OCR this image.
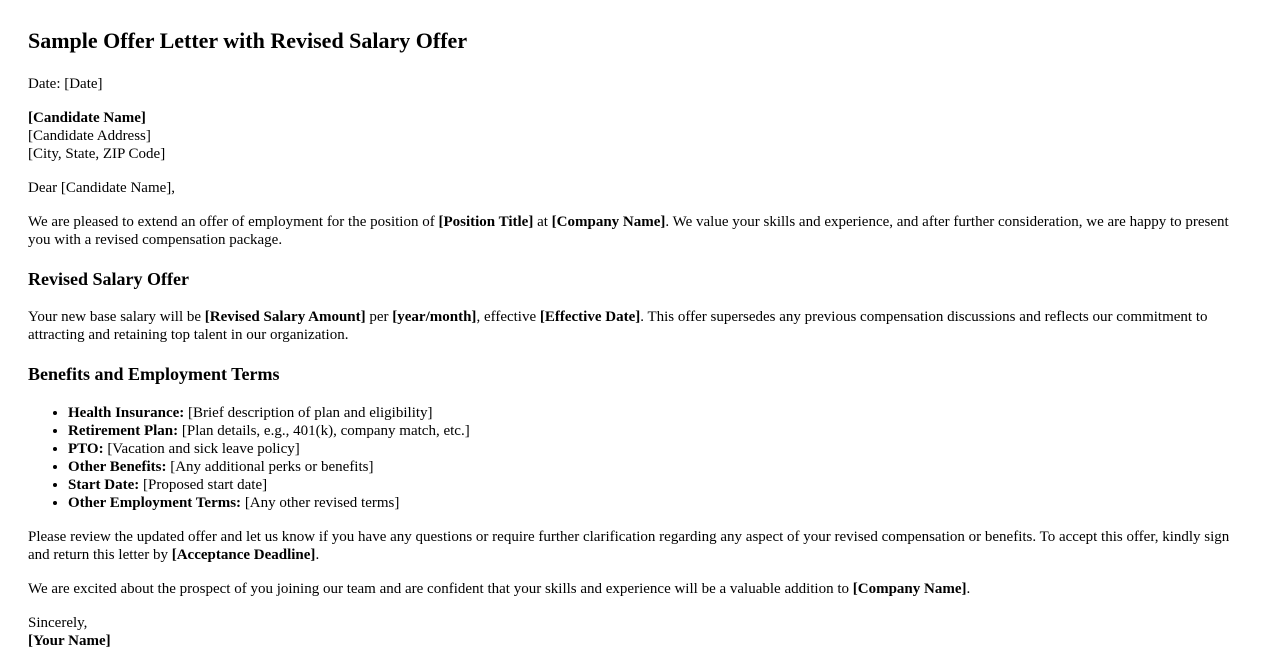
Sample Offer Letter with Revised Salary Offer

Date: [Date]

[Candidate Name]
[Candidate Address]
[City, State, ZIP Code]

Dear [Candidate Name],

We are pleased to extend an offer of employment for the position of [Position Title] at [Company Name]. We value your skills and experience, and after further consideration, we are happy to present you with a revised compensation package.

Revised Salary Offer

Your new base salary will be [Revised Salary Amount] per [year/month], effective [Effective Date]. This offer supersedes any previous compensation discussions and reflects our commitment to attracting and retaining top talent in our organization.

Benefits and Employment Terms
• Health Insurance: [Brief description of plan and eligibility]
• Retirement Plan: [Plan details, e.g., 401(k), company match, etc.]
• PTO: [Vacation and sick leave policy]
• Other Benefits: [Any additional perks or benefits]
• Start Date: [Proposed start date]
• Other Employment Terms: [Any other revised terms]

Please review the updated offer and let us know if you have any questions or require further clarification regarding any aspect of your revised compensation or benefits. To accept this offer, kindly sign and return this letter by [Acceptance Deadline].

We are excited about the prospect of you joining our team and are confident that your skills and experience will be a valuable addition to [Company Name].

Sincerely,
[Your Name]
